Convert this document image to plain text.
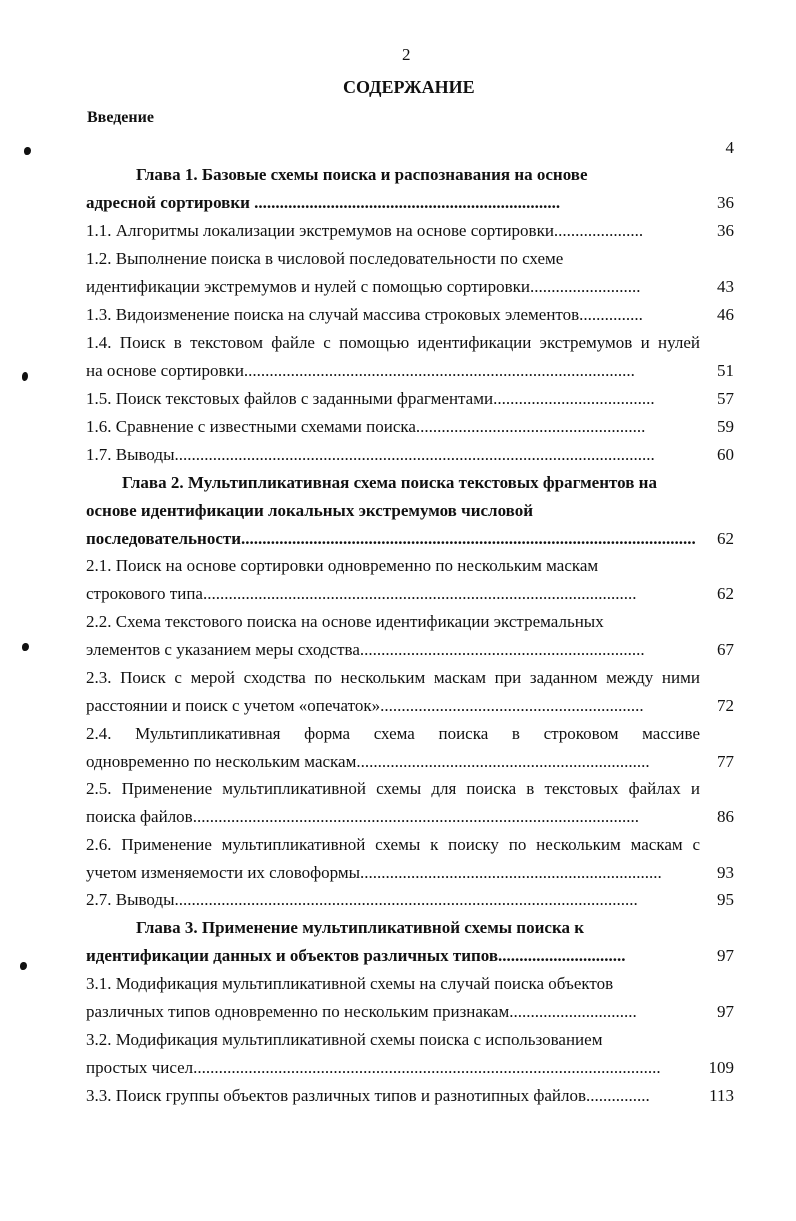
2
СОДЕРЖАНИЕ
Введение
4
Глава 1. Базовые схемы поиска и распознавания на основе
адресной сортировки ........................................................................	36
1.1. Алгоритмы локализации экстремумов на основе сортировки.....................	36
1.2. Выполнение поиска в числовой последовательности по схеме
идентификации экстремумов и нулей с помощью сортировки..........................	43
1.3. Видоизменение поиска на случай массива строковых элементов...............	46
1.4. Поиск в текстовом файле с помощью идентификации экстремумов и нулей
на основе сортировки............................................................................................	51
1.5. Поиск текстовых файлов с заданными фрагментами......................................	57
1.6. Сравнение с известными схемами поиска......................................................	59
1.7. Выводы.................................................................................................................	60
Глава 2. Мультипликативная схема поиска текстовых фрагментов на
основе идентификации локальных экстремумов числовой
последовательности........................................................................................................... 62
2.1. Поиск на основе сортировки одновременно по нескольким маскам
строкового типа......................................................................................................	62
2.2. Схема текстового поиска на основе идентификации экстремальных
элементов с указанием меры сходства...................................................................	67
2.3. Поиск с мерой сходства по нескольким маскам при заданном между ними
расстоянии и поиск с учетом «опечаток»..............................................................	72
2.4. Мультипликативная форма схема поиска в строковом массиве
одновременно по нескольким маскам.....................................................................	77
2.5. Применение мультипликативной схемы для поиска в текстовых файлах и
поиска файлов.........................................................................................................	86
2.6. Применение мультипликативной схемы к поиску по нескольким маскам с
учетом изменяемости их словоформы.......................................................................	93
2.7. Выводы.............................................................................................................	95
Глава 3. Применение мультипликативной схемы поиска к
идентификации данных и объектов различных типов..............................	97
3.1. Модификация мультипликативной схемы на случай поиска объектов
различных типов одновременно по нескольким признакам..............................	97
3.2. Модификация мультипликативной схемы поиска с использованием
простых чисел..............................................................................................................	109
3.3. Поиск группы объектов различных типов и разнотипных файлов...............	113
